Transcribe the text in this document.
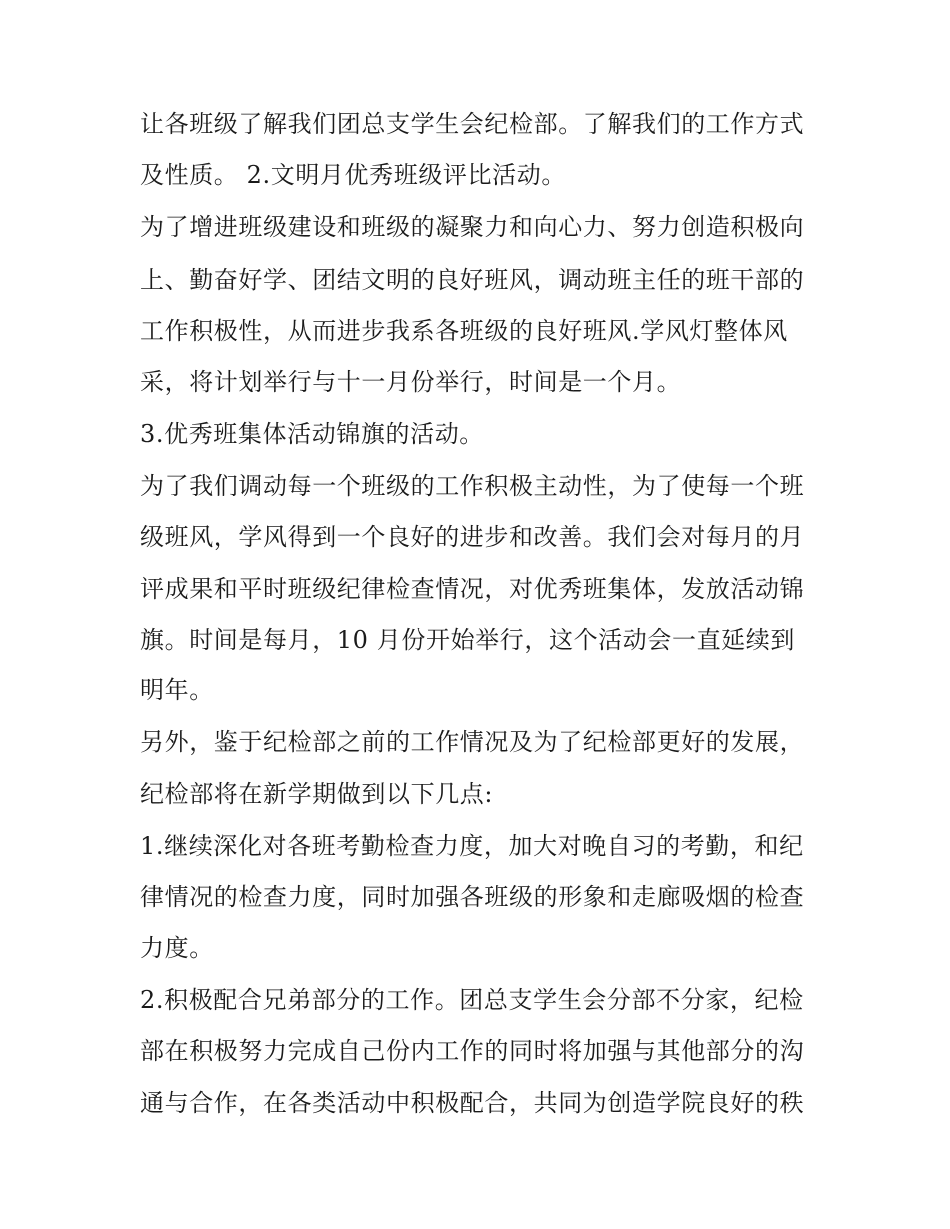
让各班级了解我们团总支学生会纪检部。了解我们的工作方式
及性质。 2.文明月优秀班级评比活动。
为了增进班级建设和班级的凝聚力和向心力、努力创造积极向
上、勤奋好学、团结文明的良好班风，调动班主任的班干部的
工作积极性，从而进步我系各班级的良好班风.学风灯整体风
采，将计划举行与十一月份举行，时间是一个月。
3.优秀班集体活动锦旗的活动。
为了我们调动每一个班级的工作积极主动性，为了使每一个班
级班风，学风得到一个良好的进步和改善。我们会对每月的月
评成果和平时班级纪律检查情况，对优秀班集体，发放活动锦
旗。时间是每月，10 月份开始举行，这个活动会一直延续到
明年。
另外，鉴于纪检部之前的工作情况及为了纪检部更好的发展，
纪检部将在新学期做到以下几点:
1.继续深化对各班考勤检查力度，加大对晚自习的考勤，和纪
律情况的检查力度，同时加强各班级的形象和走廊吸烟的检查
力度。
2.积极配合兄弟部分的工作。团总支学生会分部不分家，纪检
部在积极努力完成自己份内工作的同时将加强与其他部分的沟
通与合作，在各类活动中积极配合，共同为创造学院良好的秩
